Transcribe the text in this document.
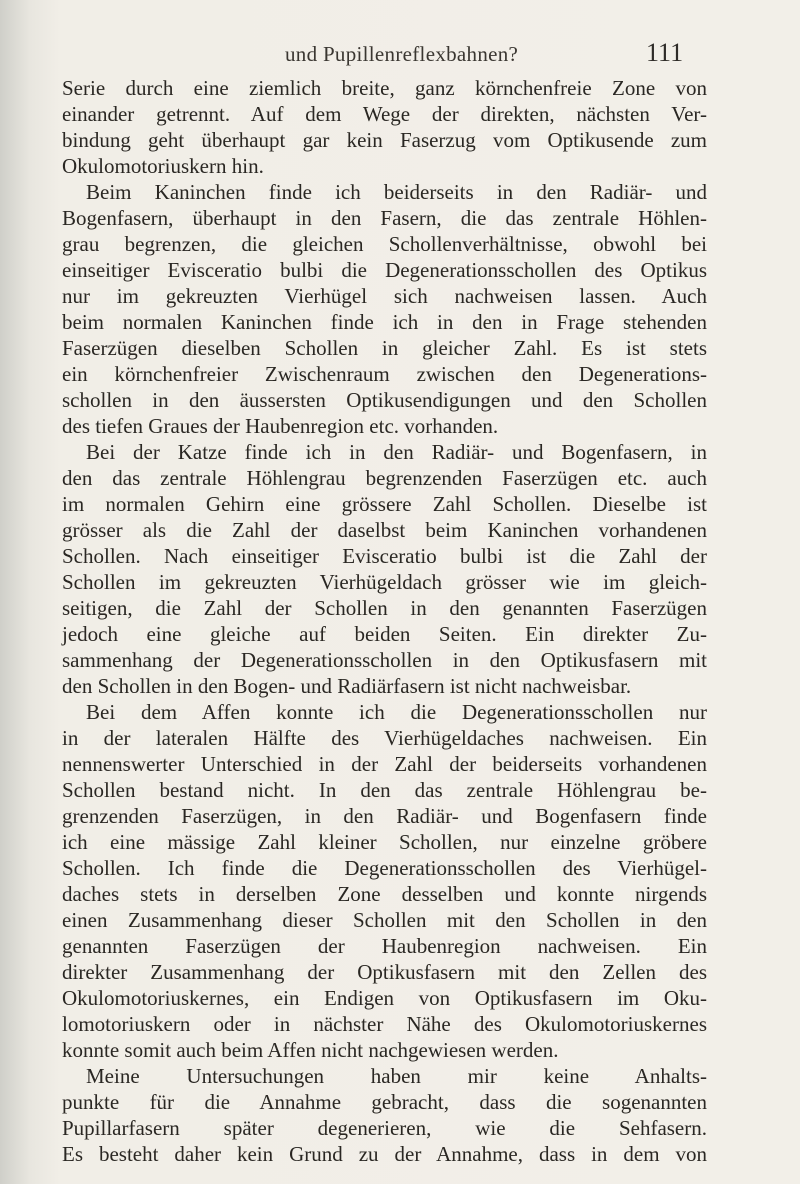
und Pupillenreflexbahnen?	111
Serie durch eine ziemlich breite, ganz körnchenfreie Zone von
einander getrennt. Auf dem Wege der direkten, nächsten Ver-
bindung geht überhaupt gar kein Faserzug vom Optikusende zum
Okulomotoriuskern hin.
Beim Kaninchen finde ich beiderseits in den Radiär- und
Bogenfasern, überhaupt in den Fasern, die das zentrale Höhlen-
grau begrenzen, die gleichen Schollenverhältnisse, obwohl bei
einseitiger Evisceratio bulbi die Degenerationsschollen des Optikus
nur im gekreuzten Vierhügel sich nachweisen lassen. Auch
beim normalen Kaninchen finde ich in den in Frage stehenden
Faserzügen dieselben Schollen in gleicher Zahl. Es ist stets
ein körnchenfreier Zwischenraum zwischen den Degenerations-
schollen in den äussersten Optikusendigungen und den Schollen
des tiefen Graues der Haubenregion etc. vorhanden.
Bei der Katze finde ich in den Radiär- und Bogenfasern, in
den das zentrale Höhlengrau begrenzenden Faserzügen etc. auch
im normalen Gehirn eine grössere Zahl Schollen. Dieselbe ist
grösser als die Zahl der daselbst beim Kaninchen vorhandenen
Schollen. Nach einseitiger Evisceratio bulbi ist die Zahl der
Schollen im gekreuzten Vierhügeldach grösser wie im gleich-
seitigen, die Zahl der Schollen in den genannten Faserzügen
jedoch eine gleiche auf beiden Seiten. Ein direkter Zu-
sammenhang der Degenerationsschollen in den Optikusfasern mit
den Schollen in den Bogen- und Radiärfasern ist nicht nachweisbar.
Bei dem Affen konnte ich die Degenerationsschollen nur
in der lateralen Hälfte des Vierhügeldaches nachweisen. Ein
nennenswerter Unterschied in der Zahl der beiderseits vorhandenen
Schollen bestand nicht. In den das zentrale Höhlengrau be-
grenzenden Faserzügen, in den Radiär- und Bogenfasern finde
ich eine mässige Zahl kleiner Schollen, nur einzelne gröbere
Schollen. Ich finde die Degenerationsschollen des Vierhügel-
daches stets in derselben Zone desselben und konnte nirgends
einen Zusammenhang dieser Schollen mit den Schollen in den
genannten Faserzügen der Haubenregion nachweisen. Ein
direkter Zusammenhang der Optikusfasern mit den Zellen des
Okulomotoriuskernes, ein Endigen von Optikusfasern im Oku-
lomotoriuskern oder in nächster Nähe des Okulomotoriuskernes
konnte somit auch beim Affen nicht nachgewiesen werden.
Meine Untersuchungen haben mir keine Anhalts-
punkte für die Annahme gebracht, dass die sogenannten
Pupillarfasern später degenerieren, wie die Sehfasern.
Es besteht daher kein Grund zu der Annahme, dass in dem von
